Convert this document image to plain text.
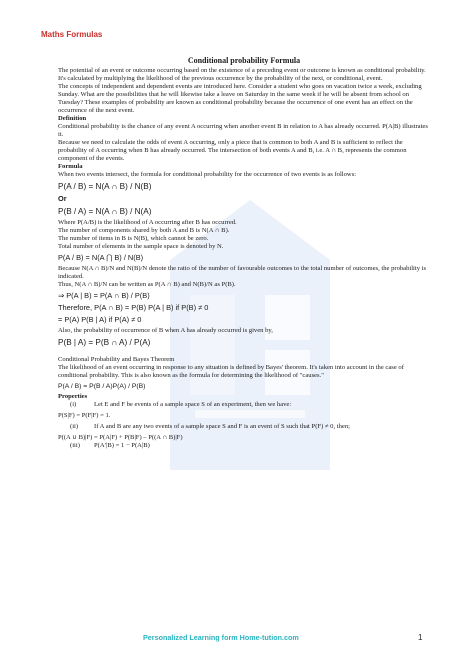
Maths Formulas
Conditional probability Formula

The potential of an event or outcome occurring based on the existence of a preceding event or outcome is known as conditional probability. It's calculated by multiplying the likelihood of the previous occurrence by the probability of the next, or conditional, event.

The concepts of independent and dependent events are introduced here. Consider a student who goes on vacation twice a week, excluding Sunday. What are the possibilities that he will likewise take a leave on Saturday in the same week if he will be absent from school on Tuesday? These examples of probability are known as conditional probability because the occurrence of one event has an effect on the occurrence of the next event.

Definition

Conditional probability is the chance of any event A occurring when another event B in relation to A has already occurred. P(A|B) illustrates it.

Because we need to calculate the odds of event A occurring, only a piece that is common to both A and B is sufficient to reflect the probability of A occurring when B has already occurred. The intersection of both events A and B, i.e. A ∩ B, represents the common component of the events.

Formula

When two events intersect, the formula for conditional probability for the occurrence of two events is as follows:

P(A / B) = N(A ∩ B) / N(B)
Or
P(B / A) = N(A ∩ B) / N(A)

Where P(A/B) is the likelihood of A occurring after B has occurred.

The number of components shared by both A and B is N(A ∩ B).

The number of items in B is N(B), which cannot be zero.

Total number of elements in the sample space is denoted by N.

P(A / B) = N(A ⋂ B) / N(B)

Because N(A ∩ B)/N and N(B)/N denote the ratio of the number of favourable outcomes to the total number of outcomes, the probability is indicated.

Thus, N(A ∩ B)/N can be written as P(A ∩ B) and N(B)/N as P(B).

⇒ P(A | B) = P(A ∩ B) / P(B)
Therefore, P(A ∩ B) = P(B) P(A | B) if P(B) ≠ 0
= P(A) P(B | A) if P(A) ≠ 0

Also, the probability of occurrence of B when A has already occurred is given by,

P(B | A) = P(B ∩ A) / P(A)

Conditional Probability and Bayes Theorem

The likelihood of an event occurring in response to any situation is defined by Bayes' theorem. It's taken into account in the case of conditional probability. This is also known as the formula for determining the likelihood of "causes."

P(A / B) = P(B / A)P(A) / P(B)

Properties

(i)	Let E and F be events of a sample space S of an experiment, then we have:

P(S|F) = P(F|F) = 1.

(ii)	If A and B are any two events of a sample space S and F is an event of S such that P(F) ≠ 0, then;

P((A ∪ B)|F) = P(A|F) + P(B|F) – P((A ∩ B)|F)

(iii)	P(A′|B) = 1 − P(A|B)
Personalized Learning form Home-tution.com	1
